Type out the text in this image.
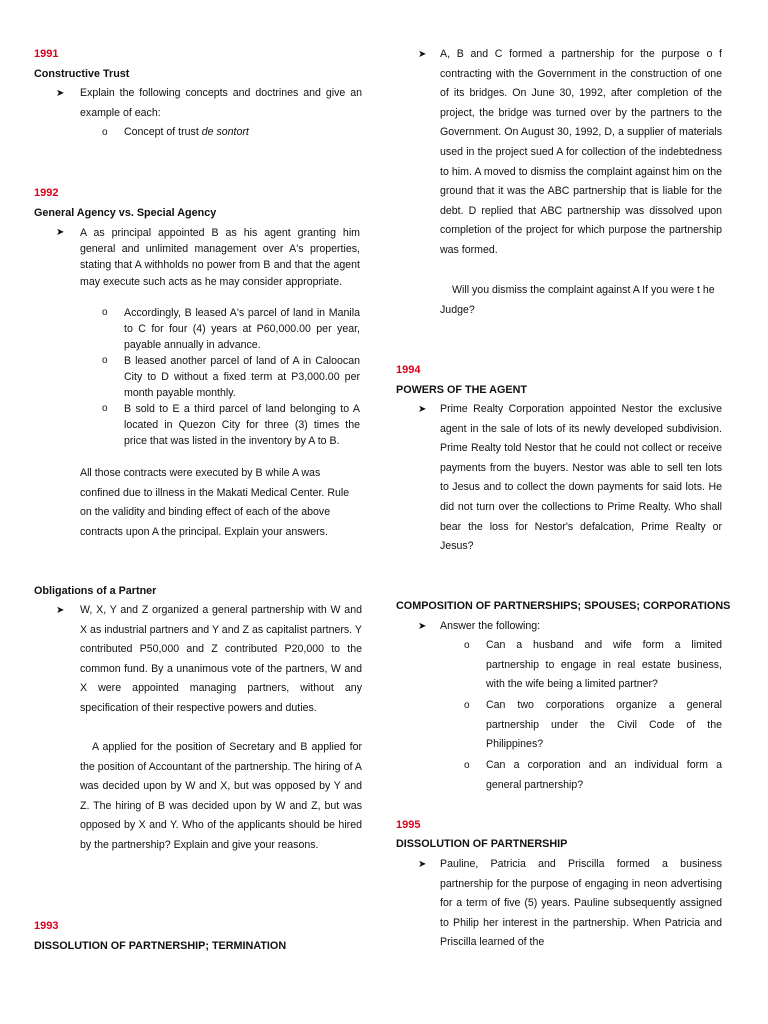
1991
Constructive Trust
➤ Explain the following concepts and doctrines and give an example of each:
o Concept of trust de sontort
1992
General Agency vs. Special Agency
➤ A as principal appointed B as his agent granting him general and unlimited management over A's properties, stating that A withholds no power from B and that the agent may execute such acts as he may consider appropriate.
o Accordingly, B leased A's parcel of land in Manila to C for four (4) years at P60,000.00 per year, payable annually in advance.
o B leased another parcel of land of A in Caloocan City to D without a fixed term at P3,000.00 per month payable monthly.
o B sold to E a third parcel of land belonging to A located in Quezon City for three (3) times the price that was listed in the inventory by A to B.
All those contracts were executed by B while A was confined due to illness in the Makati Medical Center. Rule on the validity and binding effect of each of the above contracts upon A the principal. Explain your answers.
Obligations of a Partner
➤ W, X, Y and Z organized a general partnership with W and X as industrial partners and Y and Z as capitalist partners. Y contributed P50,000 and Z contributed P20,000 to the common fund. By a unanimous vote of the partners, W and X were appointed managing partners, without any specification of their respective powers and duties.
A applied for the position of Secretary and B applied for the position of Accountant of the partnership. The hiring of A was decided upon by W and X, but was opposed by Y and Z. The hiring of B was decided upon by W and Z, but was opposed by X and Y. Who of the applicants should be hired by the partnership? Explain and give your reasons.
1993
DISSOLUTION OF PARTNERSHIP; TERMINATION
➤ A, B and C formed a partnership for the purpose o f contracting with the Government in the construction of one of its bridges. On June 30, 1992, after completion of the project, the bridge was turned over by the partners to the Government. On August 30, 1992, D, a supplier of materials used in the project sued A for collection of the indebtedness to him. A moved to dismiss the complaint against him on the ground that it was the ABC partnership that is liable for the debt. D replied that ABC partnership was dissolved upon completion of the project for which purpose the partnership was formed.
Will you dismiss the complaint against A If you were t he Judge?
1994
POWERS OF THE AGENT
➤ Prime Realty Corporation appointed Nestor the exclusive agent in the sale of lots of its newly developed subdivision. Prime Realty told Nestor that he could not collect or receive payments from the buyers. Nestor was able to sell ten lots to Jesus and to collect the down payments for said lots. He did not turn over the collections to Prime Realty. Who shall bear the loss for Nestor's defalcation, Prime Realty or Jesus?
COMPOSITION OF PARTNERSHIPS; SPOUSES; CORPORATIONS
➤ Answer the following:
o Can a husband and wife form a limited partnership to engage in real estate business, with the wife being a limited partner?
o Can two corporations organize a general partnership under the Civil Code of the Philippines?
o Can a corporation and an individual form a general partnership?
1995
DISSOLUTION OF PARTNERSHIP
➤ Pauline, Patricia and Priscilla formed a business partnership for the purpose of engaging in neon advertising for a term of five (5) years. Pauline subsequently assigned to Philip her interest in the partnership. When Patricia and Priscilla learned of the
